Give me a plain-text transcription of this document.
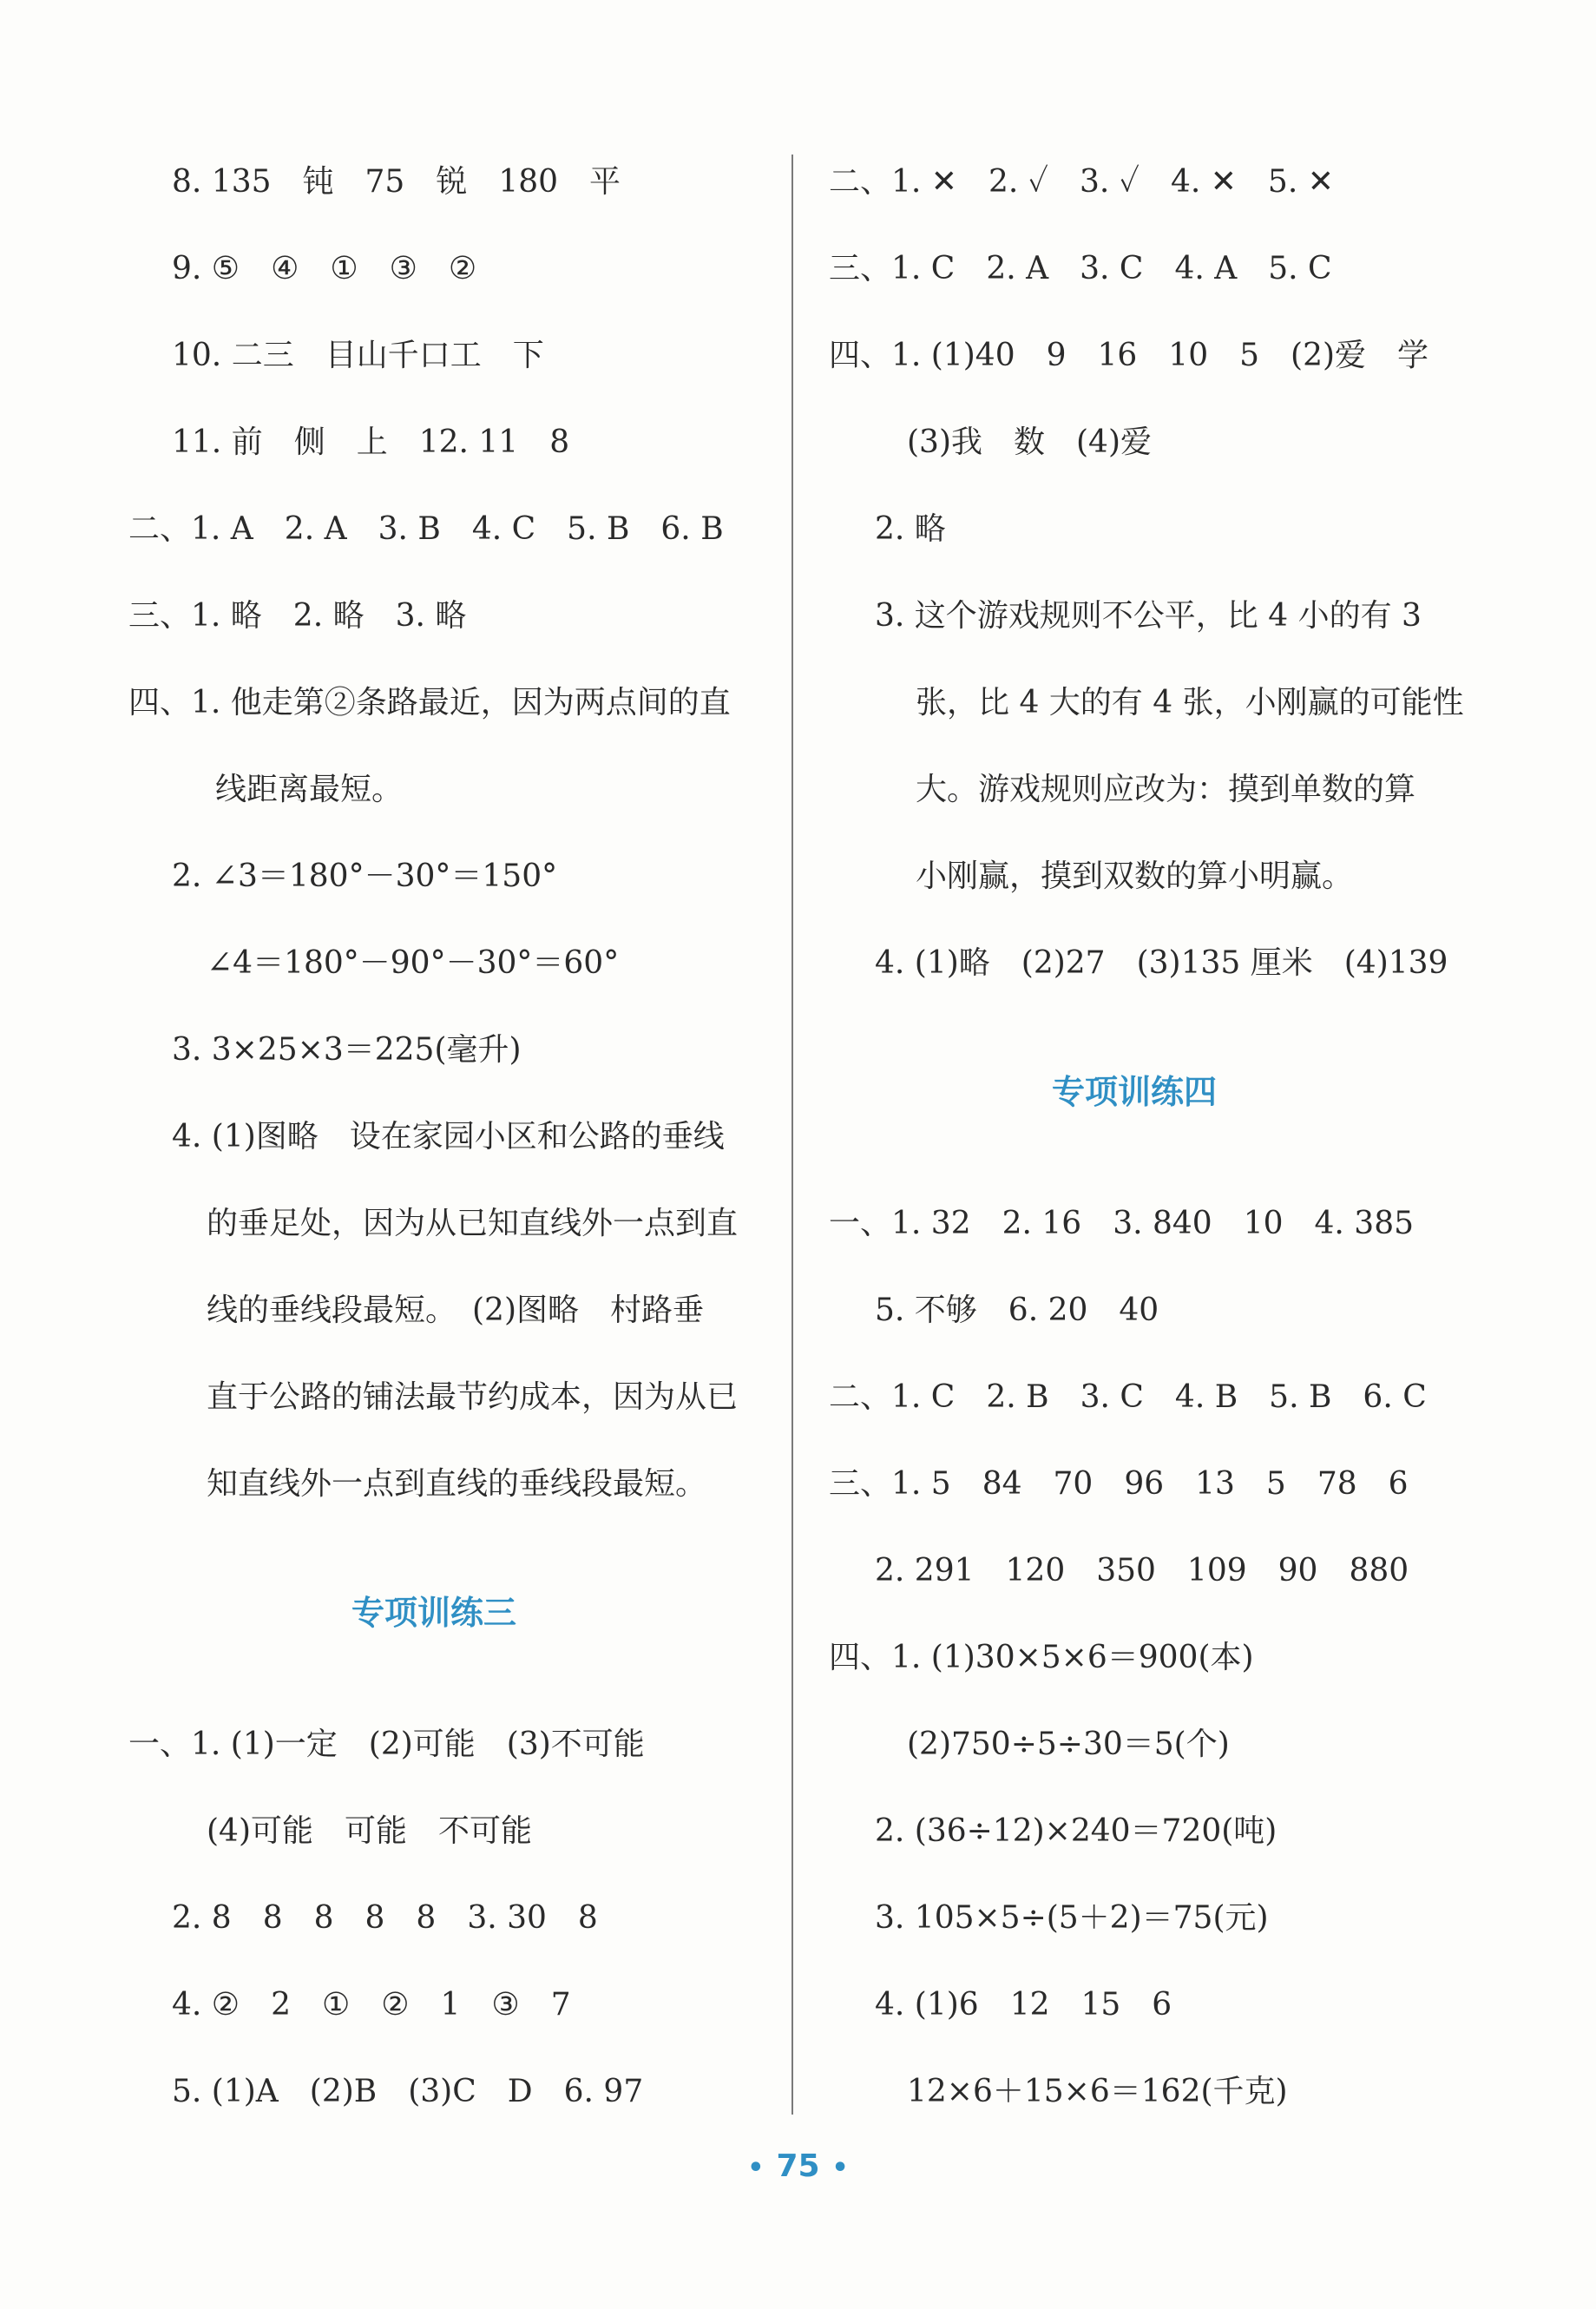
8. 135　钝　75　锐　180　平
9. ⑤　④　①　③　②
10. 二三　目山千口工　下
11. 前　侧　上　12. 11　8
二、1. A　2. A　3. B　4. C　5. B　6. B
三、1. 略　2. 略　3. 略
四、1. 他走第②条路最近，因为两点间的直
线距离最短。
2. ∠3＝180°－30°＝150°
∠4＝180°－90°－30°＝60°
3. 3×25×3＝225(毫升)
4. (1)图略　设在家园小区和公路的垂线
的垂足处，因为从已知直线外一点到直
线的垂线段最短。　(2)图略　村路垂
直于公路的铺法最节约成本，因为从已
知直线外一点到直线的垂线段最短。
专项训练三
一、1. (1)一定　(2)可能　(3)不可能
(4)可能　可能　不可能
2. 8　8　8　8　8　3. 30　8
4. ②　2　①　②　1　③　7
5. (1)A　(2)B　(3)C　D　6. 97
二、1. ✕　2. ✓　3. ✓　4. ✕　5. ✕
三、1. C　2. A　3. C　4. A　5. C
四、1. (1)40　9　16　10　5　(2)爱　学
(3)我　数　(4)爱
2. 略
3. 这个游戏规则不公平，比 4 小的有 3
张，比 4 大的有 4 张，小刚赢的可能性
大。游戏规则应改为：摸到单数的算
小刚赢，摸到双数的算小明赢。
4. (1)略　(2)27　(3)135 厘米　(4)139
专项训练四
一、1. 32　2. 16　3. 840　10　4. 385
5. 不够　6. 20　40
二、1. C　2. B　3. C　4. B　5. B　6. C
三、1. 5　84　70　96　13　5　78　6
2. 291　120　350　109　90　880
四、1. (1)30×5×6＝900(本)
(2)750÷5÷30＝5(个)
2. (36÷12)×240＝720(吨)
3. 105×5÷(5＋2)＝75(元)
4. (1)6　12　15　6
12×6＋15×6＝162(千克)
• 75 •
